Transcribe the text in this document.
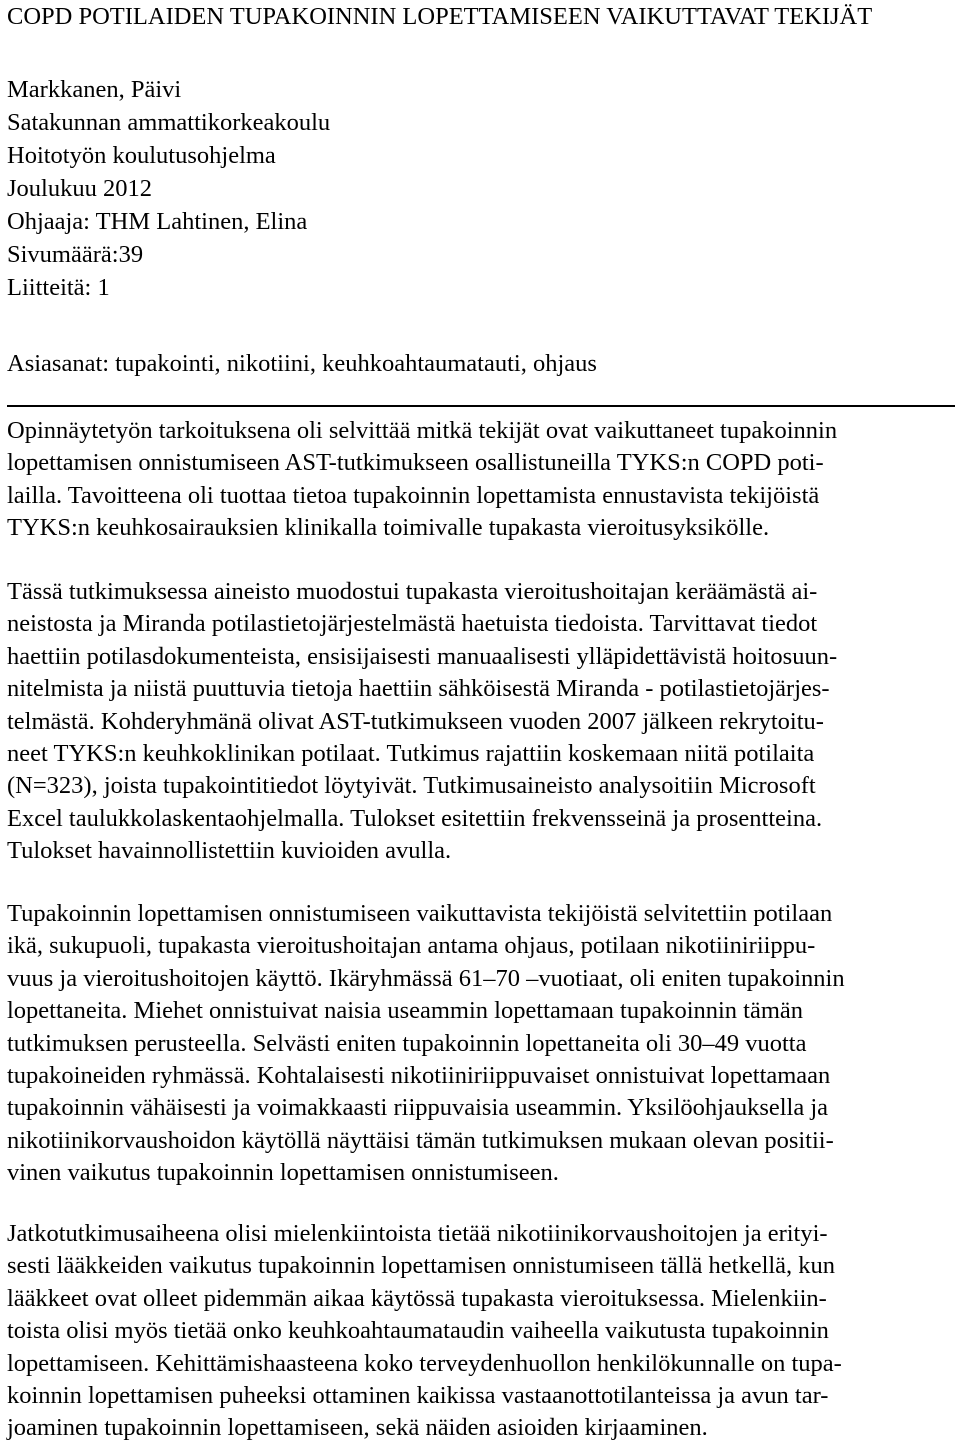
COPD POTILAIDEN TUPAKOINNIN LOPETTAMISEEN VAIKUTTAVAT TEKIJÄT
Markkanen, Päivi
Satakunnan ammattikorkeakoulu
Hoitotyön koulutusohjelma
Joulukuu 2012
Ohjaaja: THM Lahtinen, Elina
Sivumäärä:39
Liitteitä: 1
Asiasanat: tupakointi, nikotiini, keuhkoahtaumatauti, ohjaus
Opinnäytetyön tarkoituksena oli selvittää mitkä tekijät ovat vaikuttaneet tupakoinnin
lopettamisen onnistumiseen AST-tutkimukseen osallistuneilla TYKS:n COPD poti-
lailla. Tavoitteena oli tuottaa tietoa tupakoinnin lopettamista ennustavista tekijöistä
TYKS:n keuhkosairauksien klinikalla toimivalle tupakasta vieroitusyksikölle.
Tässä tutkimuksessa aineisto muodostui tupakasta vieroitushoitajan keräämästä ai-
neistosta ja Miranda potilastietojärjestelmästä haetuista tiedoista. Tarvittavat tiedot
haettiin potilasdokumenteista, ensisijaisesti manuaalisesti ylläpidettävistä hoitosuun-
nitelmista ja niistä puuttuvia tietoja haettiin sähköisestä Miranda - potilastietojärjes-
telmästä. Kohderyhmänä olivat AST-tutkimukseen vuoden 2007 jälkeen rekrytoitu-
neet TYKS:n keuhkoklinikan potilaat. Tutkimus rajattiin koskemaan niitä potilaita
(N=323), joista tupakointitiedot löytyivät. Tutkimusaineisto analysoitiin Microsoft
Excel taulukkolaskentaohjelmalla. Tulokset esitettiin frekvensseinä ja prosentteina.
Tulokset havainnollistettiin kuvioiden avulla.
Tupakoinnin lopettamisen onnistumiseen vaikuttavista tekijöistä selvitettiin potilaan
ikä, sukupuoli, tupakasta vieroitushoitajan antama ohjaus, potilaan nikotiiniriippu-
vuus ja vieroitushoitojen käyttö. Ikäryhmässä 61–70 –vuotiaat, oli eniten tupakoinnin
lopettaneita. Miehet onnistuivat naisia useammin lopettamaan tupakoinnin tämän
tutkimuksen perusteella. Selvästi eniten tupakoinnin lopettaneita oli 30–49 vuotta
tupakoineiden ryhmässä. Kohtalaisesti nikotiiniriippuvaiset onnistuivat lopettamaan
tupakoinnin vähäisesti ja voimakkaasti riippuvaisia useammin. Yksilöohjauksella ja
nikotiinikorvaushoidon käytöllä näyttäisi tämän tutkimuksen mukaan olevan positii-
vinen vaikutus tupakoinnin lopettamisen onnistumiseen.
Jatkotutkimusaiheena olisi mielenkiintoista tietää nikotiinikorvaushoitojen ja erityi-
sesti lääkkeiden vaikutus tupakoinnin lopettamisen onnistumiseen tällä hetkellä, kun
lääkkeet ovat olleet pidemmän aikaa käytössä tupakasta vieroituksessa. Mielenkiin-
toista olisi myös tietää onko keuhkoahtaumataudin vaiheella vaikutusta tupakoinnin
lopettamiseen. Kehittämishaasteena koko terveydenhuollon henkilökunnalle on tupa-
koinnin lopettamisen puheeksi ottaminen kaikissa vastaanottotilanteissa ja avun tar-
joaminen tupakoinnin lopettamiseen, sekä näiden asioiden kirjaaminen.
